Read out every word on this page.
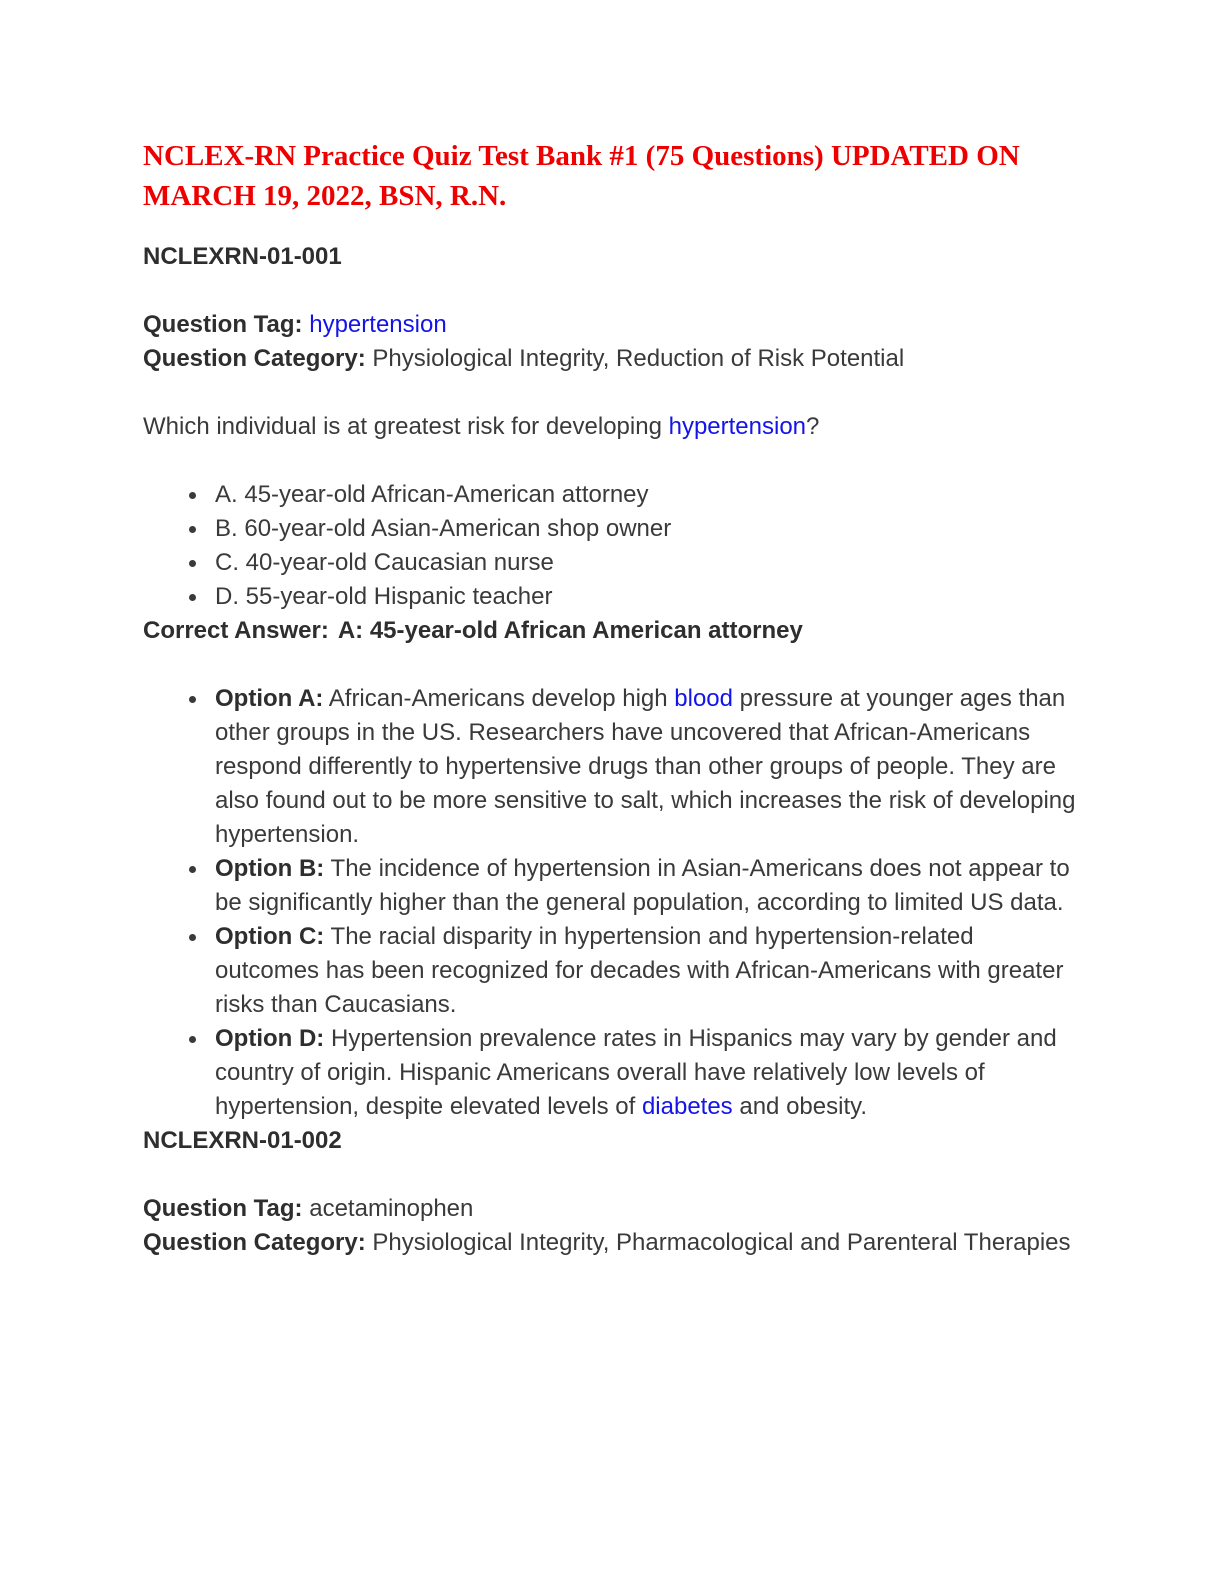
NCLEX-RN Practice Quiz Test Bank #1 (75 Questions) UPDATED ON MARCH 19, 2022, BSN, R.N.

NCLEXRN-01-001

Question Tag: hypertension
Question Category: Physiological Integrity, Reduction of Risk Potential

Which individual is at greatest risk for developing hypertension?

A. 45-year-old African-American attorney
B. 60-year-old Asian-American shop owner
C. 40-year-old Caucasian nurse
D. 55-year-old Hispanic teacher

Correct Answer: A: 45-year-old African American attorney

Option A: African-Americans develop high blood pressure at younger ages than other groups in the US. Researchers have uncovered that African-Americans respond differently to hypertensive drugs than other groups of people. They are also found out to be more sensitive to salt, which increases the risk of developing hypertension.
Option B: The incidence of hypertension in Asian-Americans does not appear to be significantly higher than the general population, according to limited US data.
Option C: The racial disparity in hypertension and hypertension-related outcomes has been recognized for decades with African-Americans with greater risks than Caucasians.
Option D: Hypertension prevalence rates in Hispanics may vary by gender and country of origin. Hispanic Americans overall have relatively low levels of hypertension, despite elevated levels of diabetes and obesity.

NCLEXRN-01-002

Question Tag: acetaminophen
Question Category: Physiological Integrity, Pharmacological and Parenteral Therapies
